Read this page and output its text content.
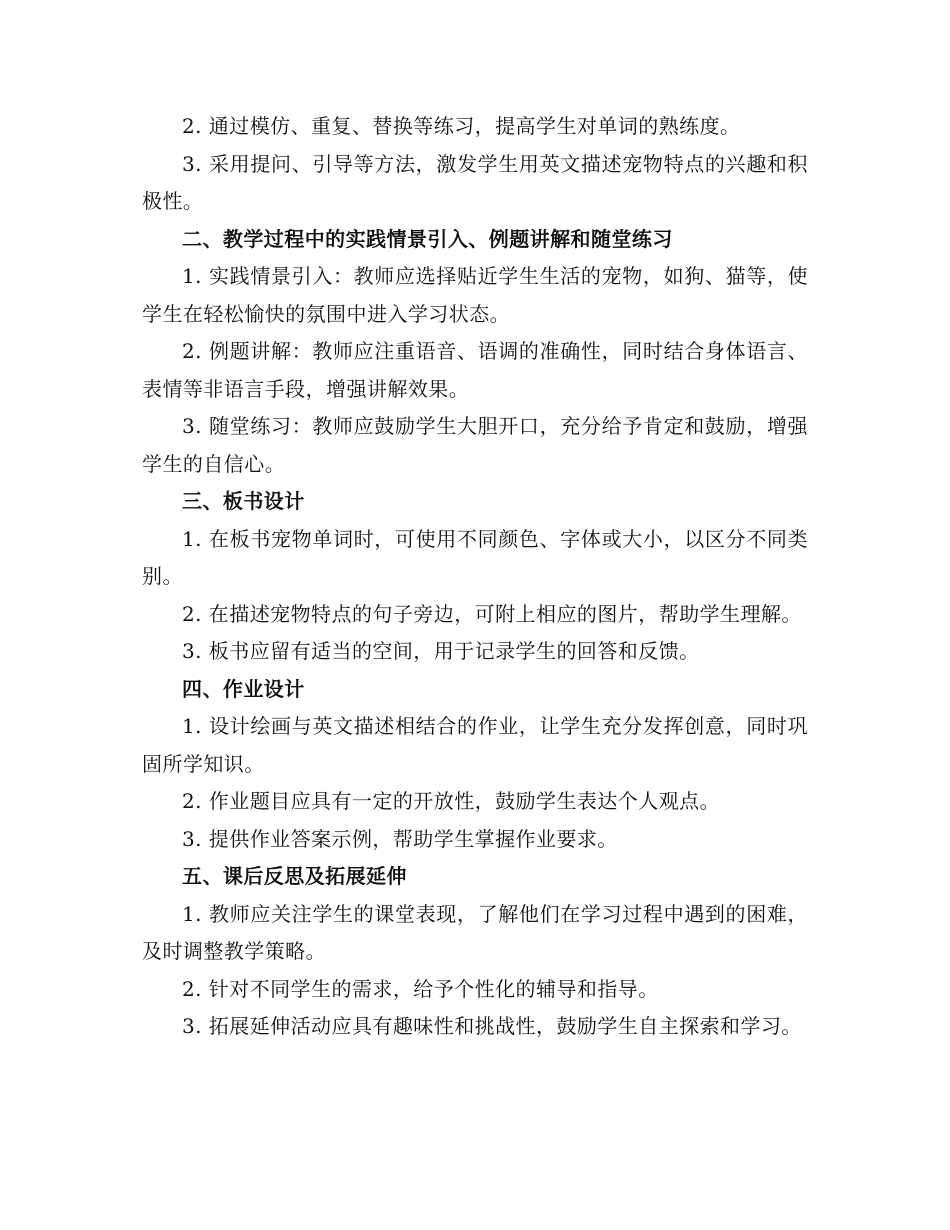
2. 通过模仿、重复、替换等练习，提高学生对单词的熟练度。

3. 采用提问、引导等方法，激发学生用英文描述宠物特点的兴趣和积极性。

二、教学过程中的实践情景引入、例题讲解和随堂练习

1. 实践情景引入：教师应选择贴近学生生活的宠物，如狗、猫等，使学生在轻松愉快的氛围中进入学习状态。

2. 例题讲解：教师应注重语音、语调的准确性，同时结合身体语言、表情等非语言手段，增强讲解效果。

3. 随堂练习：教师应鼓励学生大胆开口，充分给予肯定和鼓励，增强学生的自信心。

三、板书设计

1. 在板书宠物单词时，可使用不同颜色、字体或大小，以区分不同类别。

2. 在描述宠物特点的句子旁边，可附上相应的图片，帮助学生理解。

3. 板书应留有适当的空间，用于记录学生的回答和反馈。

四、作业设计

1. 设计绘画与英文描述相结合的作业，让学生充分发挥创意，同时巩固所学知识。

2. 作业题目应具有一定的开放性，鼓励学生表达个人观点。

3. 提供作业答案示例，帮助学生掌握作业要求。

五、课后反思及拓展延伸

1. 教师应关注学生的课堂表现，了解他们在学习过程中遇到的困难，及时调整教学策略。

2. 针对不同学生的需求，给予个性化的辅导和指导。

3. 拓展延伸活动应具有趣味性和挑战性，鼓励学生自主探索和学习。
